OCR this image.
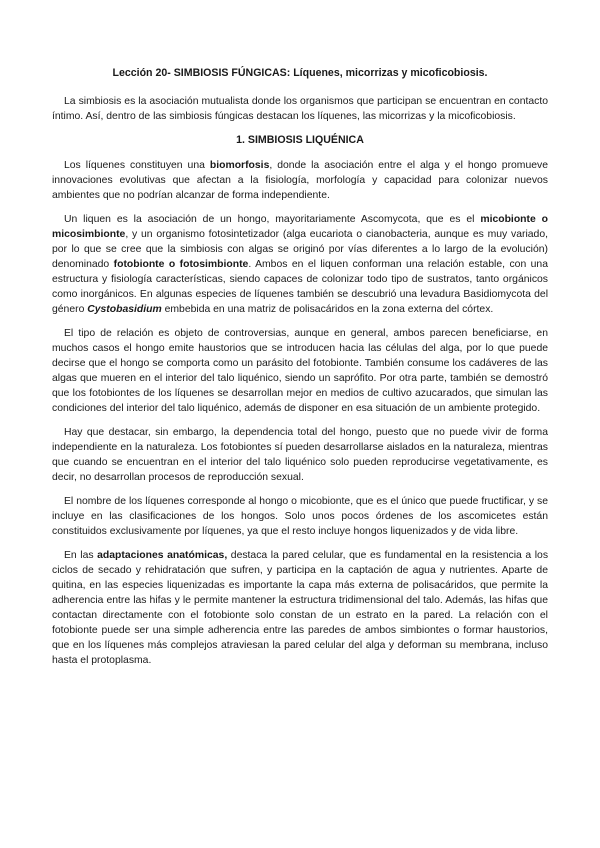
Lección 20- SIMBIOSIS FÚNGICAS: Líquenes, micorrizas y micoficobiosis.

La simbiosis es la asociación mutualista donde los organismos que participan se encuentran en contacto íntimo. Así, dentro de las simbiosis fúngicas destacan los líquenes, las micorrizas y la micoficobiosis.

1. SIMBIOSIS LIQUÉNICA

Los líquenes constituyen una biomorfosis, donde la asociación entre el alga y el hongo promueve innovaciones evolutivas que afectan a la fisiología, morfología y capacidad para colonizar nuevos ambientes que no podrían alcanzar de forma independiente.

Un liquen es la asociación de un hongo, mayoritariamente Ascomycota, que es el micobionte o micosimbionte, y un organismo fotosintetizador (alga eucariota o cianobacteria, aunque es muy variado, por lo que se cree que la simbiosis con algas se originó por vías diferentes a lo largo de la evolución) denominado fotobionte o fotosimbionte. Ambos en el liquen conforman una relación estable, con una estructura y fisiología características, siendo capaces de colonizar todo tipo de sustratos, tanto orgánicos como inorgánicos. En algunas especies de líquenes también se descubrió una levadura Basidiomycota del género Cystobasidium embebida en una matriz de polisacáridos en la zona externa del córtex.

El tipo de relación es objeto de controversias, aunque en general, ambos parecen beneficiarse, en muchos casos el hongo emite haustorios que se introducen hacia las células del alga, por lo que puede decirse que el hongo se comporta como un parásito del fotobionte. También consume los cadáveres de las algas que mueren en el interior del talo liquénico, siendo un saprófito. Por otra parte, también se demostró que los fotobiontes de los líquenes se desarrollan mejor en medios de cultivo azucarados, que simulan las condiciones del interior del talo liquénico, además de disponer en esa situación de un ambiente protegido.

Hay que destacar, sin embargo, la dependencia total del hongo, puesto que no puede vivir de forma independiente en la naturaleza. Los fotobiontes sí pueden desarrollarse aislados en la naturaleza, mientras que cuando se encuentran en el interior del talo liquénico solo pueden reproducirse vegetativamente, es decir, no desarrollan procesos de reproducción sexual.

El nombre de los líquenes corresponde al hongo o micobionte, que es el único que puede fructificar, y se incluye en las clasificaciones de los hongos. Solo unos pocos órdenes de los ascomicetes están constituidos exclusivamente por líquenes, ya que el resto incluye hongos liquenizados y de vida libre.

En las adaptaciones anatómicas, destaca la pared celular, que es fundamental en la resistencia a los ciclos de secado y rehidratación que sufren, y participa en la captación de agua y nutrientes. Aparte de quitina, en las especies liquenizadas es importante la capa más externa de polisacáridos, que permite la adherencia entre las hifas y le permite mantener la estructura tridimensional del talo. Además, las hifas que contactan directamente con el fotobionte solo constan de un estrato en la pared. La relación con el fotobionte puede ser una simple adherencia entre las paredes de ambos simbiontes o formar haustorios, que en los líquenes más complejos atraviesan la pared celular del alga y deforman su membrana, incluso hasta el protoplasma.
